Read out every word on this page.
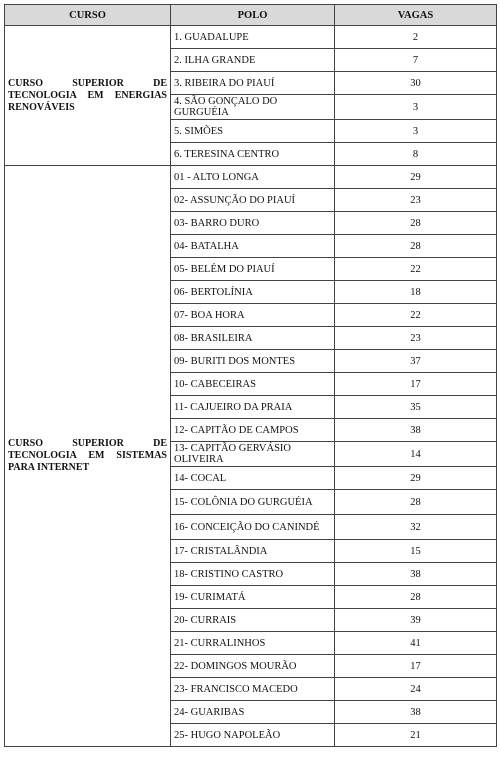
CURSO	POLO	VAGAS
CURSO SUPERIOR DE TECNOLOGIA EM ENERGIAS RENOVÁVEIS	1. GUADALUPE	2
	2. ILHA GRANDE	7
	3. RIBEIRA DO PIAUÍ	30
	4. SÃO GONÇALO DO GURGUÉIA	3
	5. SIMÕES	3
	6. TERESINA CENTRO	8
CURSO SUPERIOR DE TECNOLOGIA EM SISTEMAS PARA INTERNET	01 - ALTO LONGA	29
	02- ASSUNÇÃO DO PIAUÍ	23
	03- BARRO DURO	28
	04- BATALHA	28
	05- BELÉM DO PIAUÍ	22
	06- BERTOLÍNIA	18
	07- BOA HORA	22
	08- BRASILEIRA	23
	09- BURITI DOS MONTES	37
	10- CABECEIRAS	17
	11- CAJUEIRO DA PRAIA	35
	12- CAPITÃO DE CAMPOS	38
	13- CAPITÃO GERVÁSIO OLIVEIRA	14
	14- COCAL	29
	15- COLÔNIA DO GURGUÉIA	28
	16- CONCEIÇÃO DO CANINDÉ	32
	17- CRISTALÂNDIA	15
	18- CRISTINO CASTRO	38
	19- CURIMATÁ	28
	20- CURRAIS	39
	21- CURRALINHOS	41
	22- DOMINGOS MOURÃO	17
	23- FRANCISCO MACEDO	24
	24- GUARIBAS	38
	25- HUGO NAPOLEÃO	21
